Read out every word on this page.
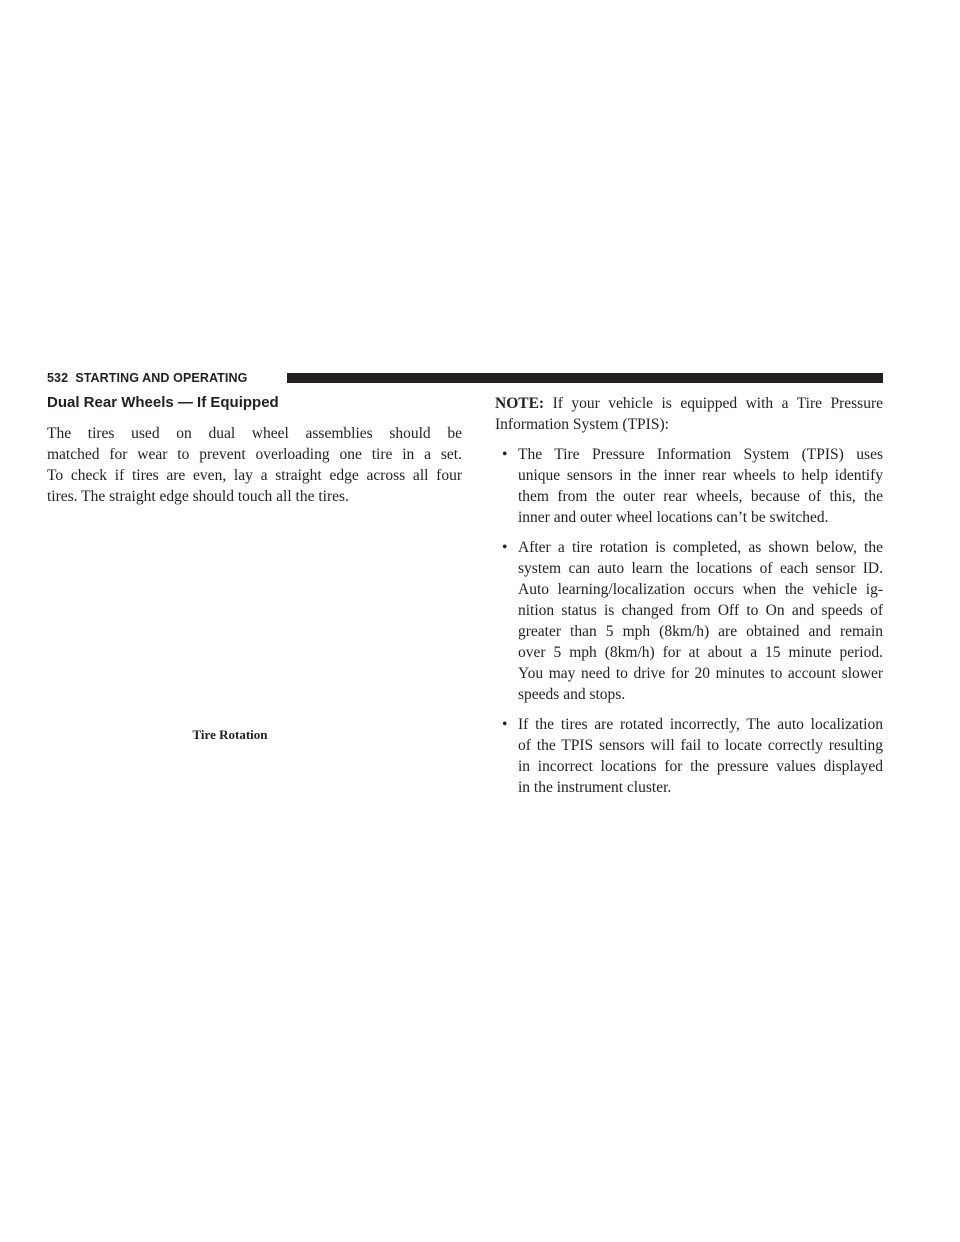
532 STARTING AND OPERATING
Dual Rear Wheels — If Equipped

The tires used on dual wheel assemblies should be
matched for wear to prevent overloading one tire in a set.
To check if tires are even, lay a straight edge across all four
tires. The straight edge should touch all the tires.

Tire Rotation

NOTE: If your vehicle is equipped with a Tire Pressure
Information System (TPIS):

• The Tire Pressure Information System (TPIS) uses
unique sensors in the inner rear wheels to help identify
them from the outer rear wheels, because of this, the
inner and outer wheel locations can’t be switched.
• After a tire rotation is completed, as shown below, the
system can auto learn the locations of each sensor ID.
Auto learning/localization occurs when the vehicle ig-
nition status is changed from Off to On and speeds of
greater than 5 mph (8km/h) are obtained and remain
over 5 mph (8km/h) for at about a 15 minute period.
You may need to drive for 20 minutes to account slower
speeds and stops.
• If the tires are rotated incorrectly, The auto localization
of the TPIS sensors will fail to locate correctly resulting
in incorrect locations for the pressure values displayed
in the instrument cluster.
